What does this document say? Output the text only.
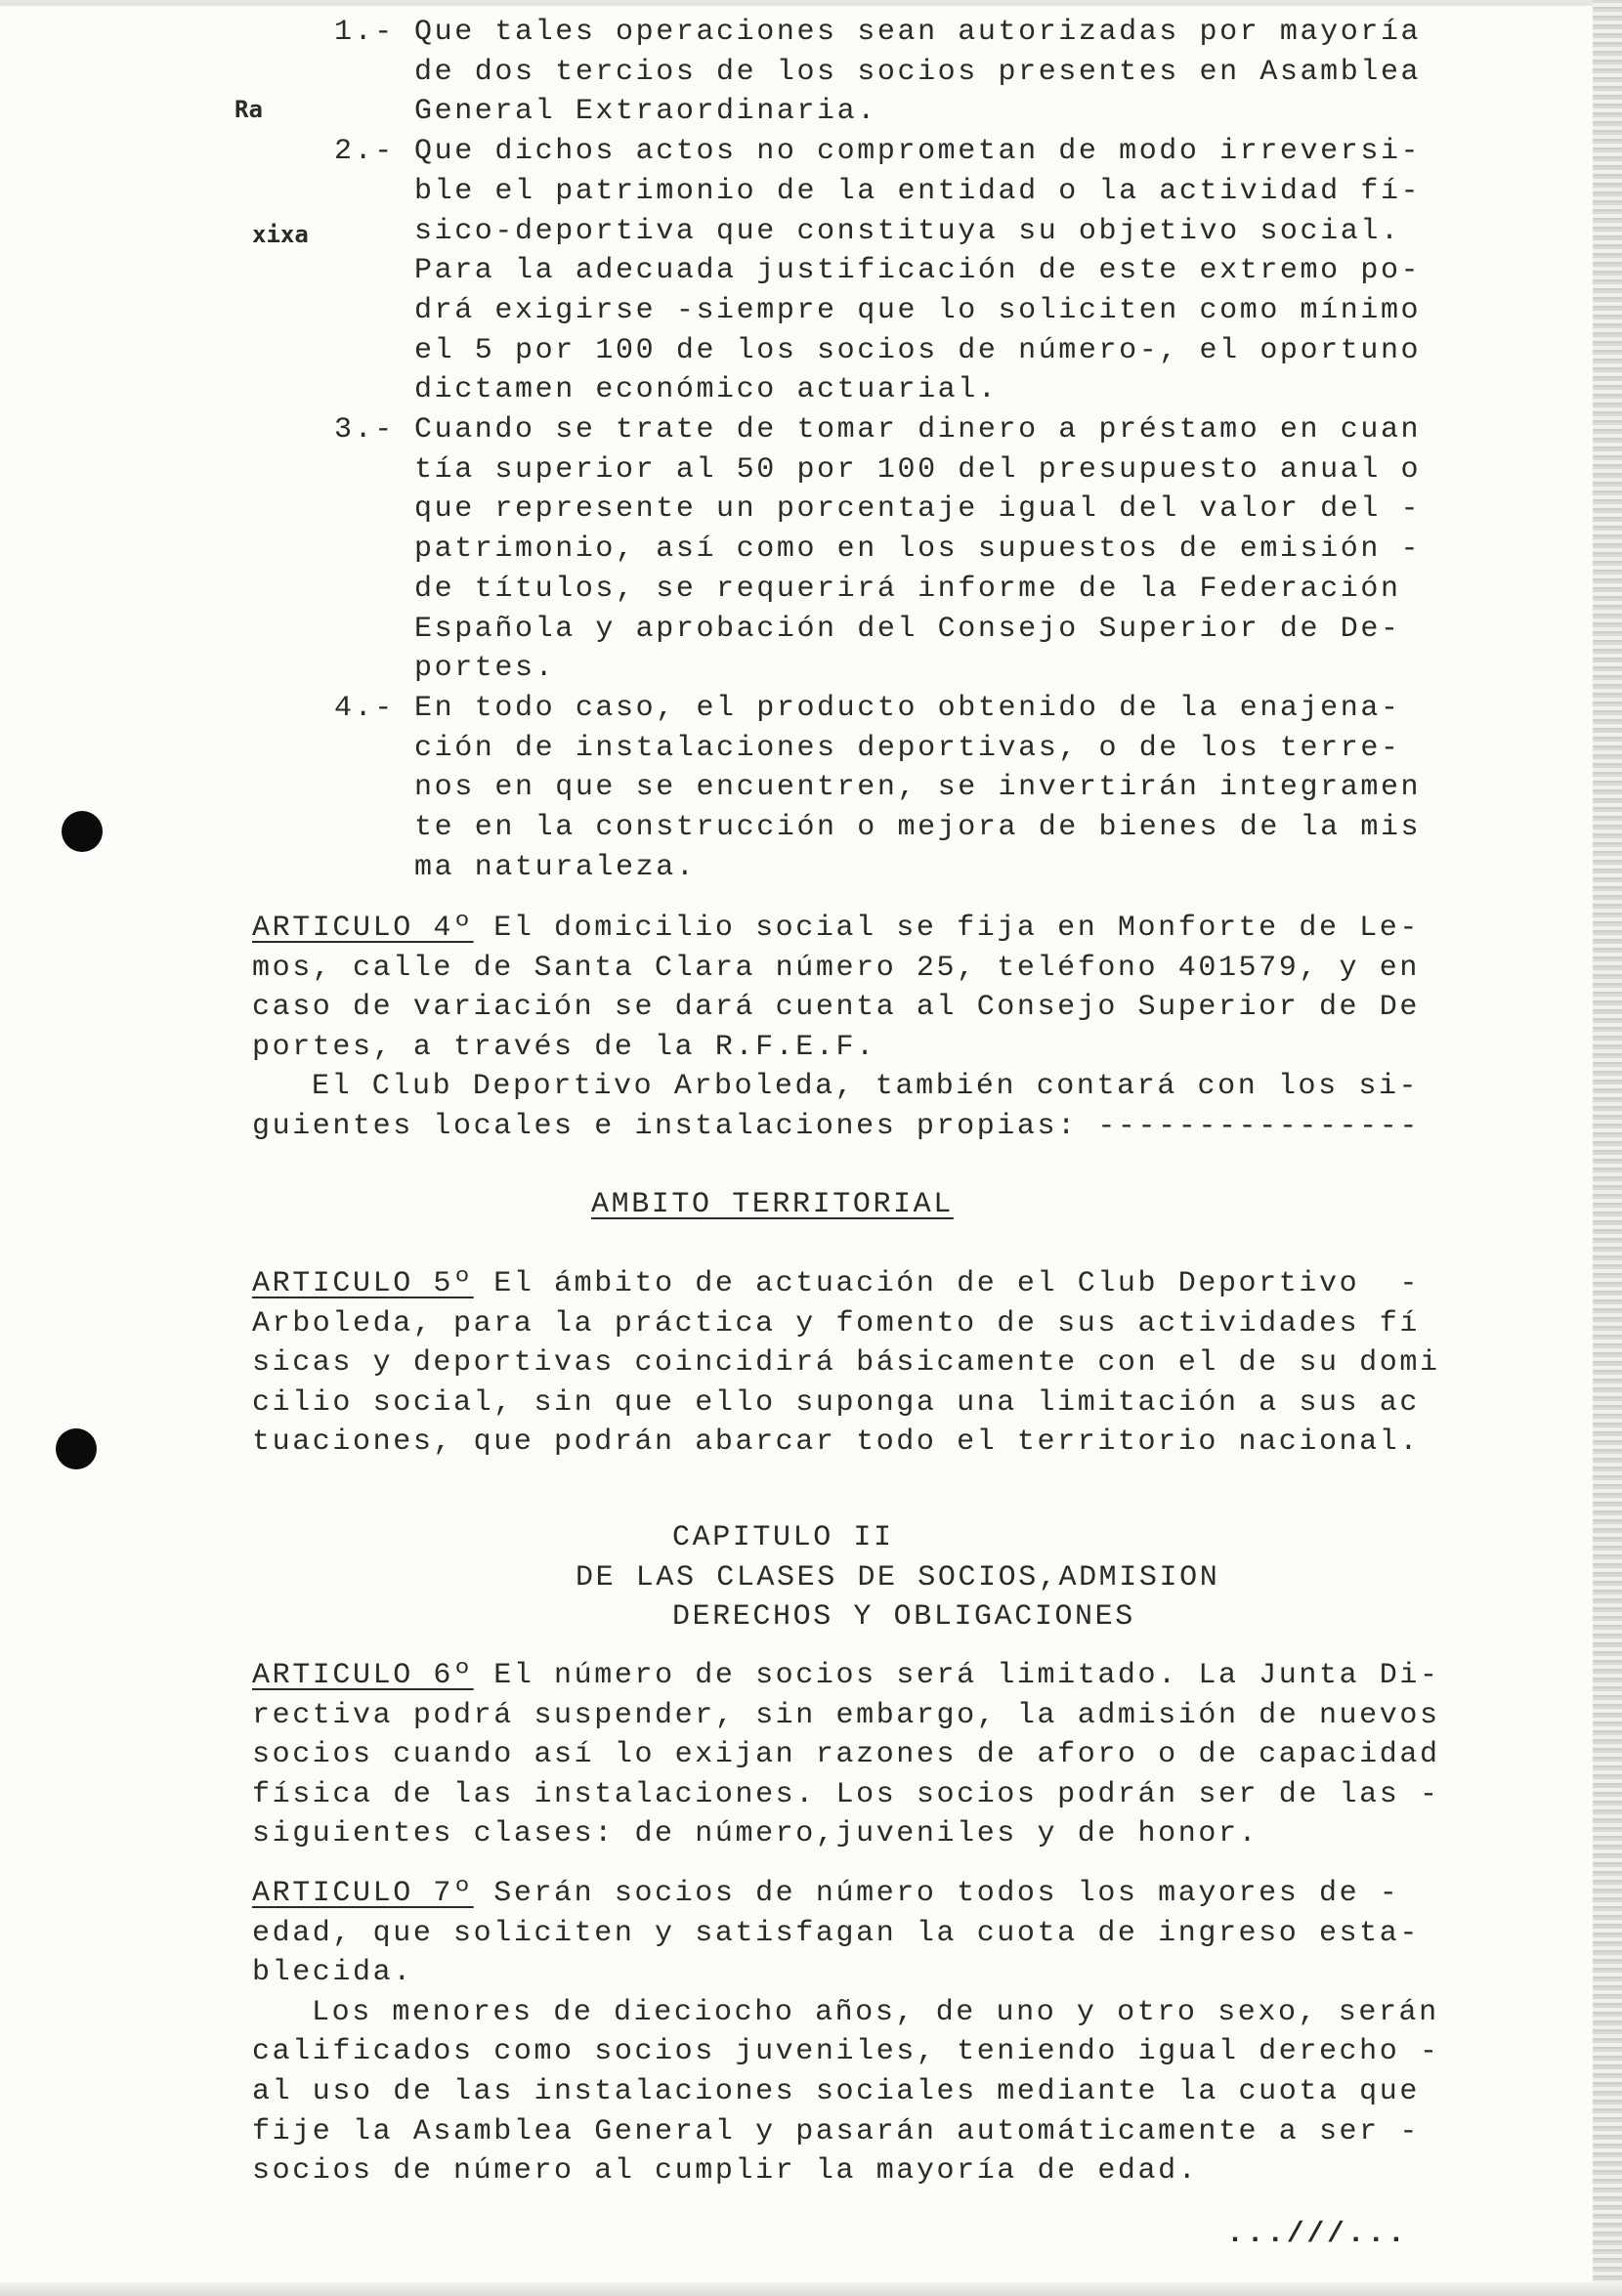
Ra
xixa
1.- Que tales operaciones sean autorizadas por mayoría
de dos tercios de los socios presentes en Asamblea
General Extraordinaria.
2.- Que dichos actos no comprometan de modo irreversi-
ble el patrimonio de la entidad o la actividad fí-
sico-deportiva que constituya su objetivo social.
Para la adecuada justificación de este extremo po-
drá exigirse -siempre que lo soliciten como mínimo
el 5 por 100 de los socios de número-, el oportuno
dictamen económico actuarial.
3.- Cuando se trate de tomar dinero a préstamo en cuan
tía superior al 50 por 100 del presupuesto anual o
que represente un porcentaje igual del valor del -
patrimonio, así como en los supuestos de emisión -
de títulos, se requerirá informe de la Federación
Española y aprobación del Consejo Superior de De-
portes.
4.- En todo caso, el producto obtenido de la enajena-
ción de instalaciones deportivas, o de los terre-
nos en que se encuentren, se invertirán integramen
te en la construcción o mejora de bienes de la mis
ma naturaleza.
ARTICULO 4º El domicilio social se fija en Monforte de Le-
mos, calle de Santa Clara número 25, teléfono 401579, y en
caso de variación se dará cuenta al Consejo Superior de De
portes, a través de la R.F.E.F.
El Club Deportivo Arboleda, también contará con los si-
guientes locales e instalaciones propias: ----------------
ARTICULO 5º El ámbito de actuación de el Club Deportivo  -
Arboleda, para la práctica y fomento de sus actividades fí
sicas y deportivas coincidirá básicamente con el de su domi
cilio social, sin que ello suponga una limitación a sus ac
tuaciones, que podrán abarcar todo el territorio nacional.
ARTICULO 6º El número de socios será limitado. La Junta Di-
rectiva podrá suspender, sin embargo, la admisión de nuevos
socios cuando así lo exijan razones de aforo o de capacidad
física de las instalaciones. Los socios podrán ser de las -
siguientes clases: de número,juveniles y de honor.
ARTICULO 7º Serán socios de número todos los mayores de -
edad, que soliciten y satisfagan la cuota de ingreso esta-
blecida.
Los menores de dieciocho años, de uno y otro sexo, serán
calificados como socios juveniles, teniendo igual derecho -
al uso de las instalaciones sociales mediante la cuota que
fije la Asamblea General y pasarán automáticamente a ser -
socios de número al cumplir la mayoría de edad.
AMBITO TERRITORIAL
CAPITULO II
DE LAS CLASES DE SOCIOS,ADMISION
DERECHOS Y OBLIGACIONES
...///...
